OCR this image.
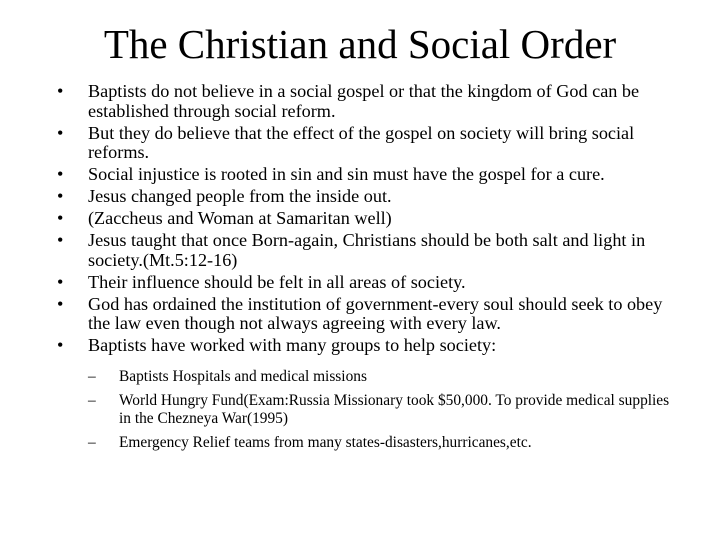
The Christian and Social Order
•	Baptists do not believe in a social gospel or that the kingdom of God can be established through social reform.
•	But they do believe that the effect of the gospel on society will bring social reforms.
•	Social injustice is rooted in sin and sin must have the gospel for a cure.
•	Jesus changed people from the inside out.
•	(Zaccheus and Woman at Samaritan well)
•	Jesus taught that once Born-again, Christians should be both salt and light in society.(Mt.5:12-16)
•	Their influence should be felt in all areas of society.
•	God has ordained the institution of government-every soul should seek to obey the law even though not always agreeing with every law.
•	Baptists have worked with many groups to help society:
–	Baptists Hospitals and medical missions
–	World Hungry Fund(Exam:Russia Missionary took $50,000. To provide medical supplies in the Chezneya War(1995)
–	Emergency Relief teams from many states-disasters,hurricanes,etc.
